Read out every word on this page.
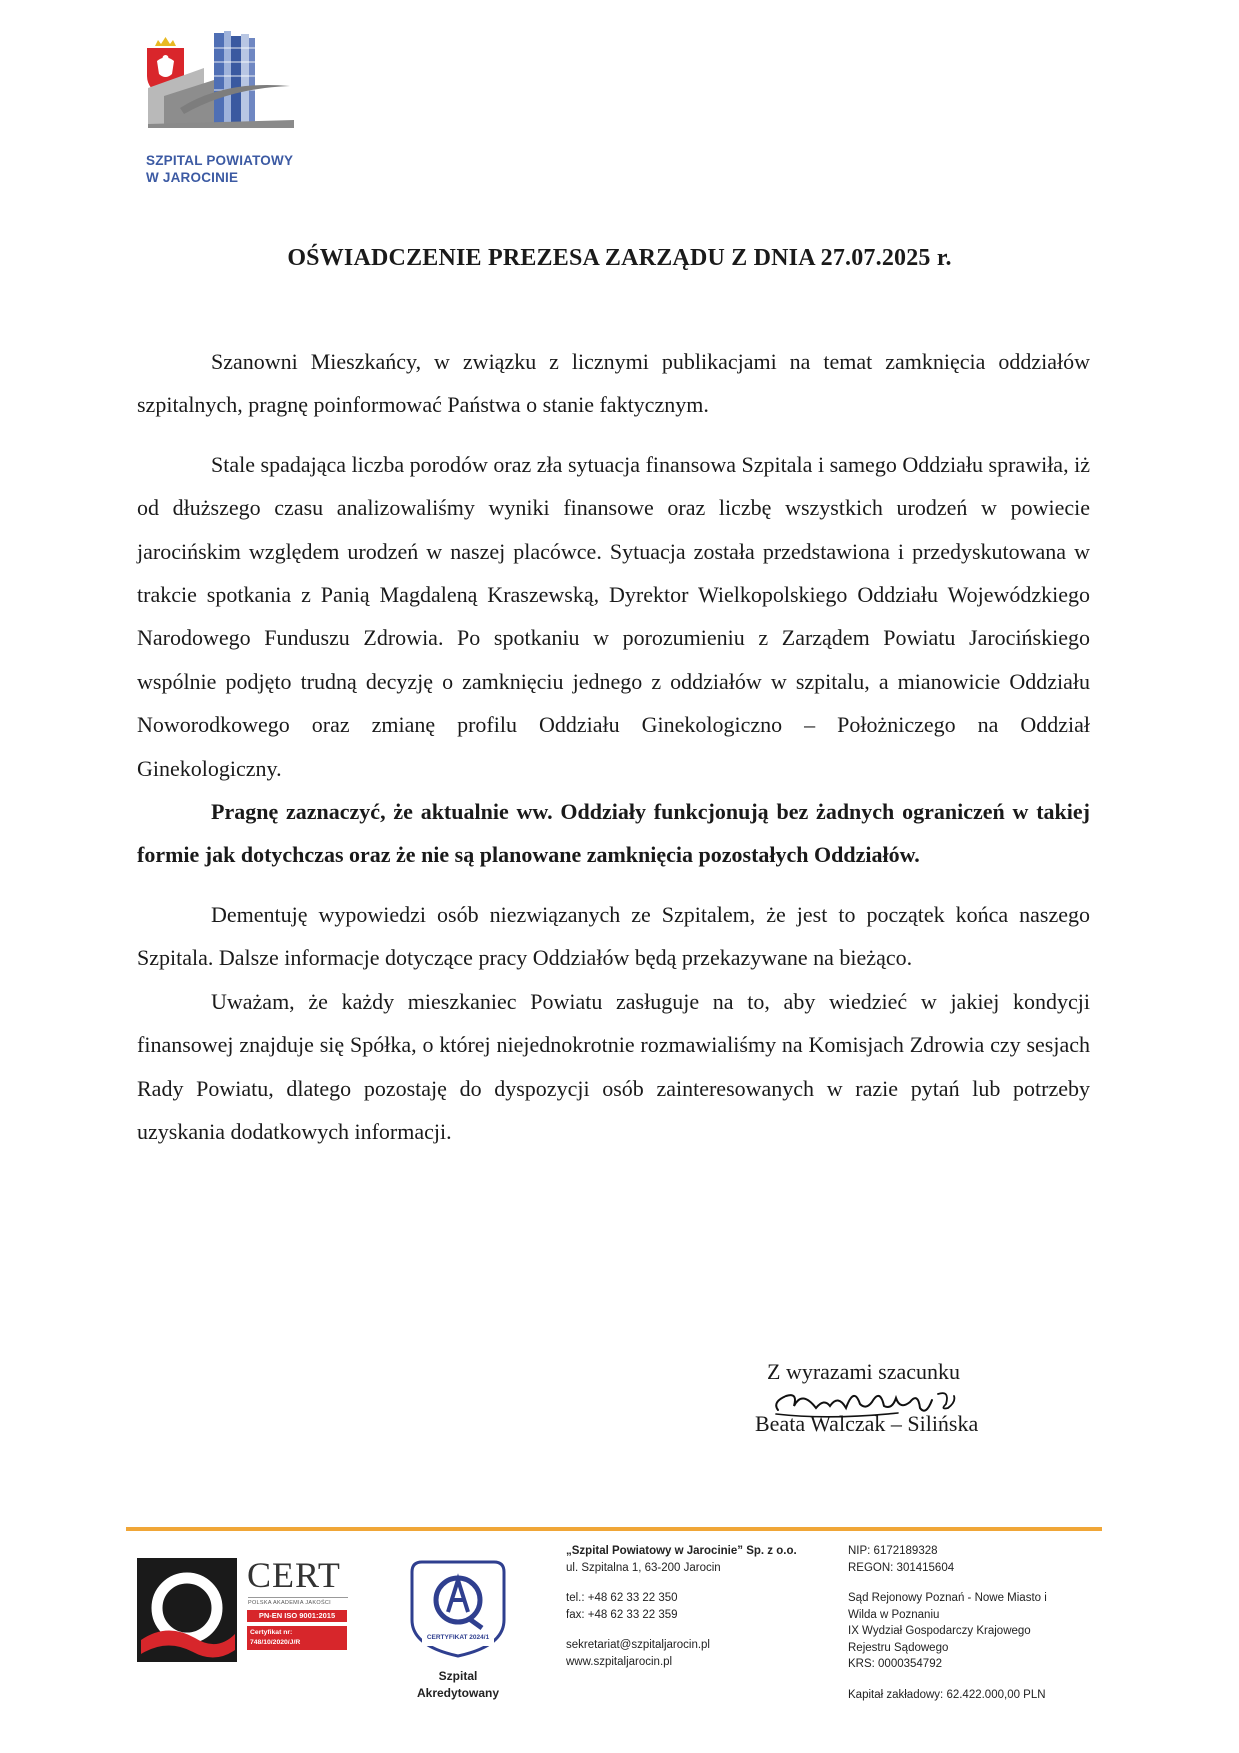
SZPITAL POWIATOWY
W JAROCINIE
OŚWIADCZENIE PREZESA ZARZĄDU Z DNIA 27.07.2025 r.

Szanowni Mieszkańcy, w związku z licznymi publikacjami na temat zamknięcia oddziałów szpitalnych, pragnę poinformować Państwa o stanie faktycznym.

Stale spadająca liczba porodów oraz zła sytuacja finansowa Szpitala i samego Oddziału sprawiła, iż od dłuższego czasu analizowaliśmy wyniki finansowe oraz liczbę wszystkich urodzeń w powiecie jarocińskim względem urodzeń w naszej placówce. Sytuacja została przedstawiona i przedyskutowana w trakcie spotkania z Panią Magdaleną Kraszewską, Dyrektor Wielkopolskiego Oddziału Wojewódzkiego Narodowego Funduszu Zdrowia. Po spotkaniu w porozumieniu z Zarządem Powiatu Jarocińskiego wspólnie podjęto trudną decyzję o zamknięciu jednego z oddziałów w szpitalu, a mianowicie Oddziału Noworodkowego oraz zmianę profilu Oddziału Ginekologiczno – Położniczego na Oddział Ginekologiczny.

Pragnę zaznaczyć, że aktualnie ww. Oddziały funkcjonują bez żadnych ograniczeń w takiej formie jak dotychczas oraz że nie są planowane zamknięcia pozostałych Oddziałów.

Dementuję wypowiedzi osób niezwiązanych ze Szpitalem, że jest to początek końca naszego Szpitala. Dalsze informacje dotyczące pracy Oddziałów będą przekazywane na bieżąco.

Uważam, że każdy mieszkaniec Powiatu zasługuje na to, aby wiedzieć w jakiej kondycji finansowej znajduje się Spółka, o której niejednokrotnie rozmawialiśmy na Komisjach Zdrowia czy sesjach Rady Powiatu, dlatego pozostaję do dyspozycji osób zainteresowanych w razie pytań lub potrzeby uzyskania dodatkowych informacji.

Z wyrazami szacunku
Beata Walczak – Silińska
CERT
POLSKA AKADEMIA JAKOŚCI
PN-EN ISO 9001:2015
Certyfikat nr:
748/10/2020/J/R
CERTYFIKAT 2024/1
Szpital
Akredytowany
„Szpital Powiatowy w Jarocinie” Sp. z o.o.
ul. Szpitalna 1, 63-200 Jarocin
tel.: +48 62 33 22 350
fax: +48 62 33 22 359
sekretariat@szpitaljarocin.pl
www.szpitaljarocin.pl
NIP: 6172189328
REGON: 301415604
Sąd Rejonowy Poznań - Nowe Miasto i
Wilda w Poznaniu
IX Wydział Gospodarczy Krajowego
Rejestru Sądowego
KRS: 0000354792
Kapitał zakładowy: 62.422.000,00 PLN
